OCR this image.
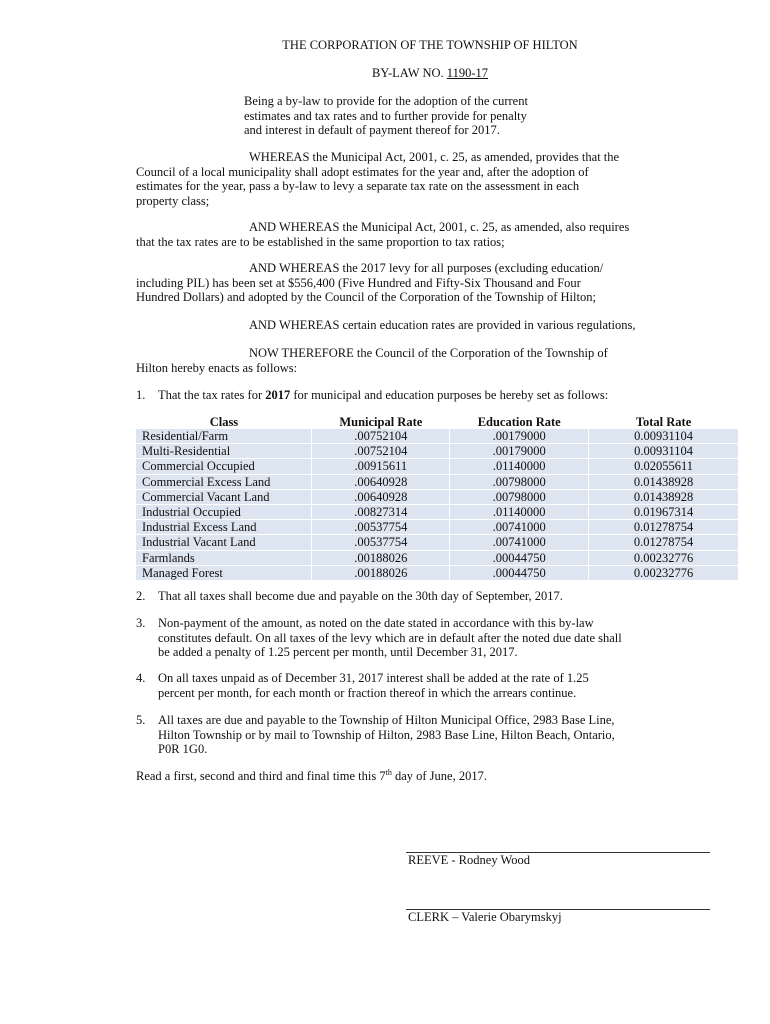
THE CORPORATION OF THE TOWNSHIP OF HILTON
BY-LAW NO. 1190-17
Being a by-law to provide for the adoption of the current
estimates and tax rates and to further provide for penalty
and interest in default of payment thereof for 2017.
WHEREAS the Municipal Act, 2001, c. 25, as amended, provides that the
Council of a local municipality shall adopt estimates for the year and, after the adoption of
estimates for the year, pass a by-law to levy a separate tax rate on the assessment in each
property class;
AND WHEREAS the Municipal Act, 2001, c. 25, as amended, also requires
that the tax rates are to be established in the same proportion to tax ratios;
AND WHEREAS the 2017 levy for all purposes (excluding education/
including PIL) has been set at $556,400 (Five Hundred and Fifty-Six Thousand and Four
Hundred Dollars) and adopted by the Council of the Corporation of the Township of Hilton;
AND WHEREAS certain education rates are provided in various regulations,
NOW THEREFORE the Council of the Corporation of the Township of
Hilton hereby enacts as follows:
1. That the tax rates for 2017 for municipal and education purposes be hereby set as follows:
Class	Municipal Rate	Education Rate	Total Rate
Residential/Farm	.00752104	.00179000	0.00931104
Multi-Residential	.00752104	.00179000	0.00931104
Commercial Occupied	.00915611	.01140000	0.02055611
Commercial Excess Land	.00640928	.00798000	0.01438928
Commercial Vacant Land	.00640928	.00798000	0.01438928
Industrial Occupied	.00827314	.01140000	0.01967314
Industrial Excess Land	.00537754	.00741000	0.01278754
Industrial Vacant Land	.00537754	.00741000	0.01278754
Farmlands	.00188026	.00044750	0.00232776
Managed Forest	.00188026	.00044750	0.00232776
2. That all taxes shall become due and payable on the 30th day of September, 2017.
3. Non-payment of the amount, as noted on the date stated in accordance with this by-law
constitutes default. On all taxes of the levy which are in default after the noted due date shall
be added a penalty of 1.25 percent per month, until December 31, 2017.
4. On all taxes unpaid as of December 31, 2017 interest shall be added at the rate of 1.25
percent per month, for each month or fraction thereof in which the arrears continue.
5. All taxes are due and payable to the Township of Hilton Municipal Office, 2983 Base Line,
Hilton Township or by mail to Township of Hilton, 2983 Base Line, Hilton Beach, Ontario,
P0R 1G0.
Read a first, second and third and final time this 7th day of June, 2017.
REEVE - Rodney Wood
CLERK – Valerie Obarymskyj
